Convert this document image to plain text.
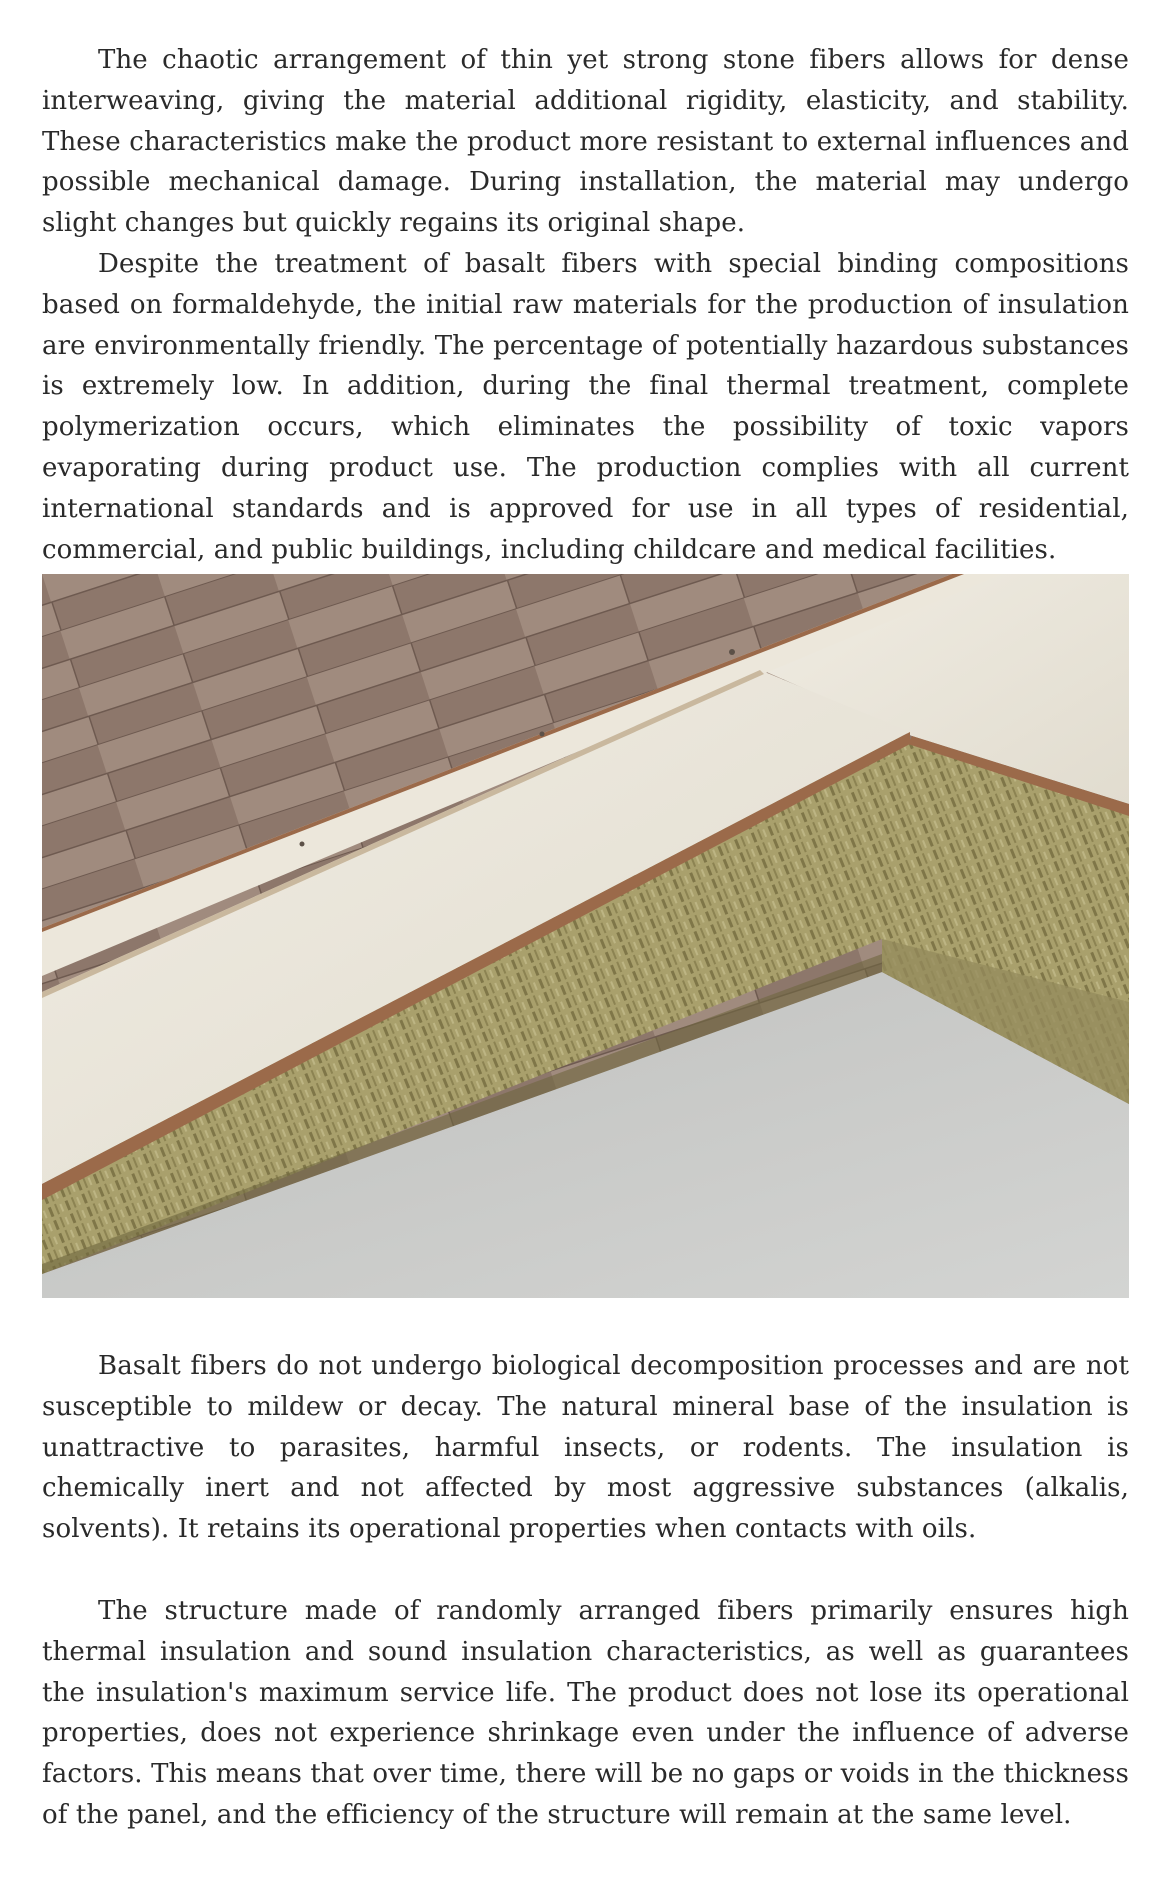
The chaotic arrangement of thin yet strong stone fibers allows for dense interweaving, giving the material additional rigidity, elasticity, and stability. These characteristics make the product more resistant to external influences and possible mechanical damage. During installation, the material may undergo slight changes but quickly regains its original shape.

Despite the treatment of basalt fibers with special binding compositions based on formaldehyde, the initial raw materials for the production of insulation are environmentally friendly. The percentage of potentially hazardous substances is extremely low. In addition, during the final thermal treatment, complete polymerization occurs, which eliminates the possibility of toxic vapors evaporating during product use. The production complies with all current international standards and is approved for use in all types of residential, commercial, and public buildings, including childcare and medical facilities.

Basalt fibers do not undergo biological decomposition processes and are not susceptible to mildew or decay. The natural mineral base of the insulation is unattractive to parasites, harmful insects, or rodents. The insulation is chemically inert and not affected by most aggressive substances (alkalis, solvents). It retains its operational properties when contacts with oils.

The structure made of randomly arranged fibers primarily ensures high thermal insulation and sound insulation characteristics, as well as guarantees the insulation's maximum service life. The product does not lose its operational properties, does not experience shrinkage even under the influence of adverse factors. This means that over time, there will be no gaps or voids in the thickness of the panel, and the efficiency of the structure will remain at the same level.
